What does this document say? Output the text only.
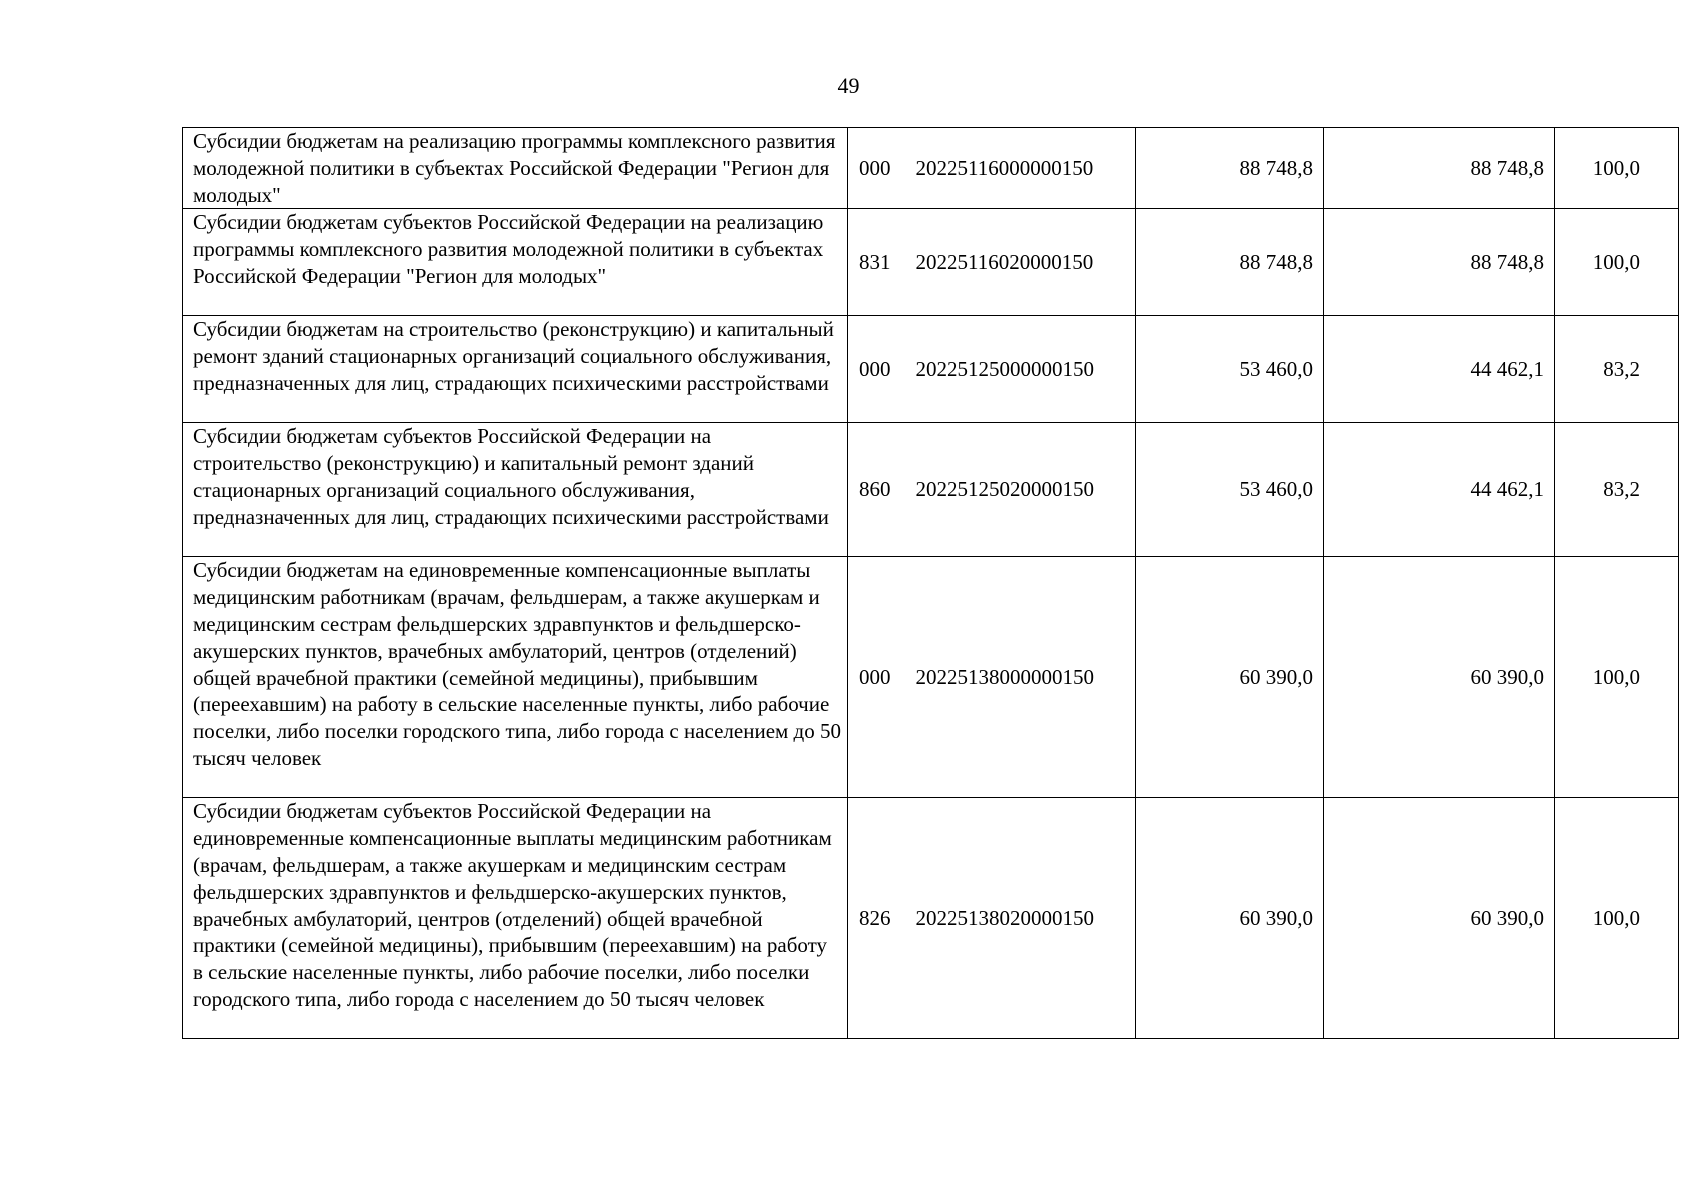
49
Субсидии бюджетам на реализацию программы комплексного развития молодежной политики в субъектах Российской Федерации "Регион для молодых"	000	20225116000000150	88 748,8	88 748,8	100,0

Субсидии бюджетам субъектов Российской Федерации на реализацию программы комплексного развития молодежной политики в субъектах Российской Федерации "Регион для молодых"	831	20225116020000150	88 748,8	88 748,8	100,0

Субсидии бюджетам на строительство (реконструкцию) и капитальный ремонт зданий стационарных организаций социального обслуживания, предназначенных для лиц, страдающих психическими расстройствами	000	20225125000000150	53 460,0	44 462,1	83,2

Субсидии бюджетам субъектов Российской Федерации на строительство (реконструкцию) и капитальный ремонт зданий стационарных организаций социального обслуживания, предназначенных для лиц, страдающих психическими расстройствами	860	20225125020000150	53 460,0	44 462,1	83,2

Субсидии бюджетам на единовременные компенсационные выплаты медицинским работникам (врачам, фельдшерам, а также акушеркам и медицинским сестрам фельдшерских здравпунктов и фельдшерско-акушерских пунктов, врачебных амбулаторий, центров (отделений) общей врачебной практики (семейной медицины), прибывшим (переехавшим) на работу в сельские населенные пункты, либо рабочие поселки, либо поселки городского типа, либо города с населением до 50 тысяч человек	000	20225138000000150	60 390,0	60 390,0	100,0

Субсидии бюджетам субъектов Российской Федерации на единовременные компенсационные выплаты медицинским работникам (врачам, фельдшерам, а также акушеркам и медицинским сестрам фельдшерских здравпунктов и фельдшерско-акушерских пунктов, врачебных амбулаторий, центров (отделений) общей врачебной практики (семейной медицины), прибывшим (переехавшим) на работу в сельские населенные пункты, либо рабочие поселки, либо поселки городского типа, либо города с населением до 50 тысяч человек	826	20225138020000150	60 390,0	60 390,0	100,0
